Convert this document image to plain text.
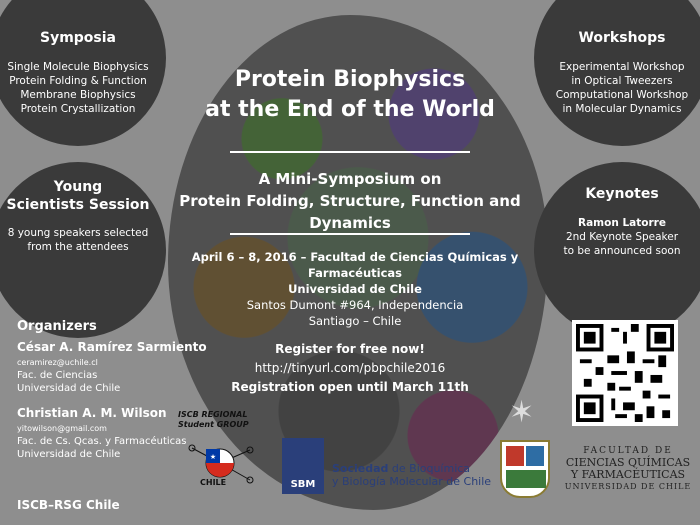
Symposia

Single Molecule Biophysics

Protein Folding & Function

Membrane Biophysics

Protein Crystallization

Young
Scientists Session

8 young speakers selected

from the attendees

Workshops

Experimental Workshop

in Optical Tweezers

Computational Workshop

in Molecular Dynamics

Keynotes

Ramon Latorre

2nd Keynote Speaker

to be announced soon

Protein Biophysics
at the End of the World
A Mini-Symposium on
Protein Folding, Structure, Function and Dynamics
April 6 – 8, 2016 – Facultad de Ciencias Químicas y Farmacéuticas
Universidad de Chile
Santos Dumont #964, Independencia
Santiago – Chile
Register for free now!
http://tinyurl.com/pbpchile2016
Registration open until March 11th
Organizers
César A. Ramírez Sarmiento
ceramirez@uchile.cl
Fac. de Ciencias
Universidad de Chile
Christian A. M. Wilson
yitowilson@gmail.com
Fac. de Cs. Qcas. y Farmacéuticas
Universidad de Chile
ISCB–RSG Chile
★
ISCB REGIONAL
Student GROUP
CHILE	SBM
Sociedad de Bioquímica
y Biología Molecular de Chile
✶
FACULTAD DE
CIENCIAS QUÍMICAS
Y FARMACÉUTICAS
UNIVERSIDAD DE CHILE
